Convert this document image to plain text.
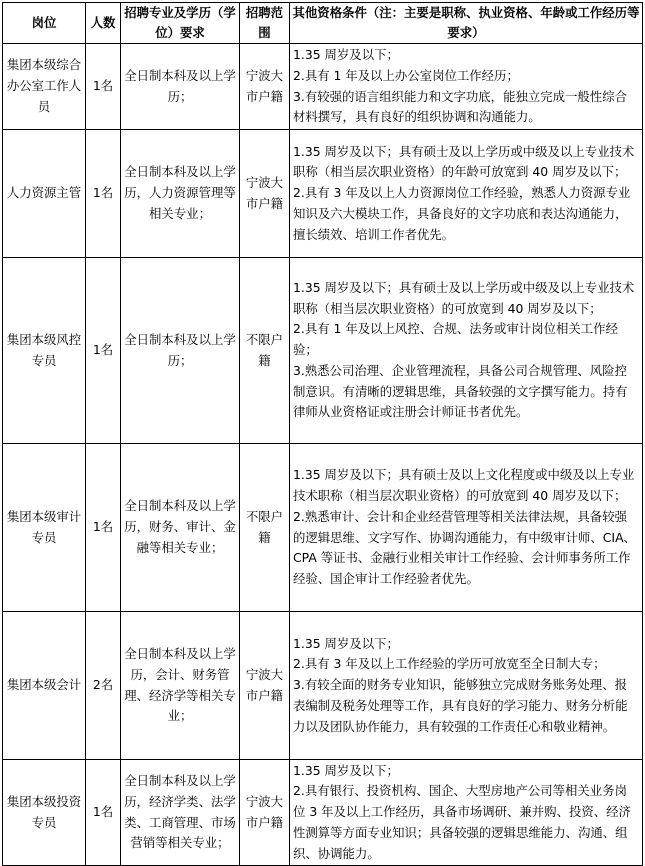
岗位	人数	招聘专业及学历（学位）要求	招聘范围	其他资格条件（注：主要是职称、执业资格、年龄或工作经历等要求）
集团本级综合办公室工作人员	1名	全日制本科及以上学历；	宁波大市户籍	1.35 周岁及以下；
2.具有 1 年及以上办公室岗位工作经历；
3.有较强的语言组织能力和文字功底，能独立完成一般性综合材料撰写，具有良好的组织协调和沟通能力。

人力资源主管	1名	全日制本科及以上学历，人力资源管理等相关专业；	宁波大市户籍	1.35 周岁及以下；具有硕士及以上学历或中级及以上专业技术职称（相当层次职业资格）的年龄可放宽到 40 周岁及以下；
2.具有 3 年及以上人力资源岗位工作经验，熟悉人力资源专业知识及六大模块工作，具备良好的文字功底和表达沟通能力，擅长绩效、培训工作者优先。

集团本级风控专员	1名	全日制本科及以上学历；	不限户籍	1.35 周岁及以下；具有硕士及以上学历或中级及以上专业技术职称（相当层次职业资格）的可放宽到 40 周岁及以下；
2.具有 1 年及以上风控、合规、法务或审计岗位相关工作经验；
3.熟悉公司治理、企业管理流程，具备公司合规管理、风险控制意识。有清晰的逻辑思维，具备较强的文字撰写能力。持有律师从业资格证或注册会计师证书者优先。

集团本级审计专员	1名	全日制本科及以上学历，财务、审计、金融等相关专业；	不限户籍	1.35 周岁及以下；具有硕士及以上文化程度或中级及以上专业技术职称（相当层次职业资格）的可放宽到 40 周岁及以下；
2.熟悉审计、会计和企业经营管理等相关法律法规，具备较强的逻辑思维、文字写作、协调沟通能力，有中级审计师、CIA、CPA 等证书、金融行业相关审计工作经验、会计师事务所工作经验、国企审计工作经验者优先。

集团本级会计	2名	全日制本科及以上学历，会计、财务管理、经济学等相关专业；	宁波大市户籍	1.35 周岁及以下；
2.具有 3 年及以上工作经验的学历可放宽至全日制大专；
3.有较全面的财务专业知识，能够独立完成财务账务处理、报表编制及税务处理等工作，具有良好的学习能力、财务分析能力以及团队协作能力，具有较强的工作责任心和敬业精神。

集团本级投资专员	1名	全日制本科及以上学历，经济学类、法学类、工商管理、市场营销等相关专业；	宁波大市户籍	1.35 周岁及以下；
2.具有银行、投资机构、国企、大型房地产公司等相关业务岗位 3 年及以上工作经历，具备市场调研、兼并购、投资、经济性测算等方面专业知识；具备较强的逻辑思维能力、沟通、组织、协调能力。
